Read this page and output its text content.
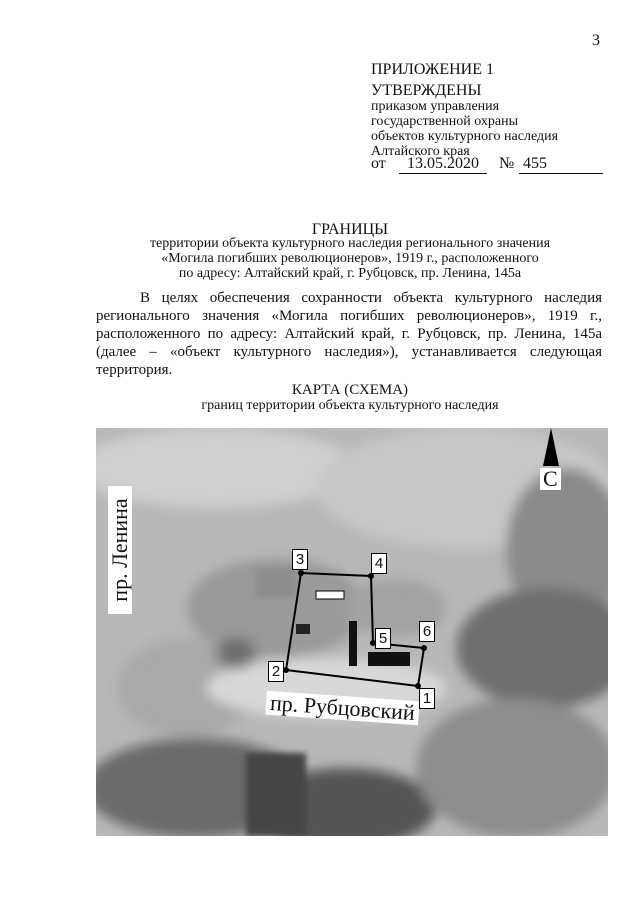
3
ПРИЛОЖЕНИЕ 1
УТВЕРЖДЕНЫ
приказом управления
государственной охраны
объектов культурного наследия
Алтайского края
от	13.05.2020	№ 455
ГРАНИЦЫ
территории объекта культурного наследия регионального значения
«Могила погибших революционеров», 1919 г., расположенного
по адресу: Алтайский край, г. Рубцовск, пр. Ленина, 145а
В целях обеспечения сохранности объекта культурного наследия регионального значения «Могила погибших революционеров», 1919 г., расположенного по адресу: Алтайский край, г. Рубцовск, пр. Ленина, 145а (далее – «объект культурного наследия»), устанавливается следующая территория.
КАРТА (СХЕМА)
границ территории объекта культурного наследия
С
пр. Ленина
пр. Рубцовский 1
2
3	4
5 6
